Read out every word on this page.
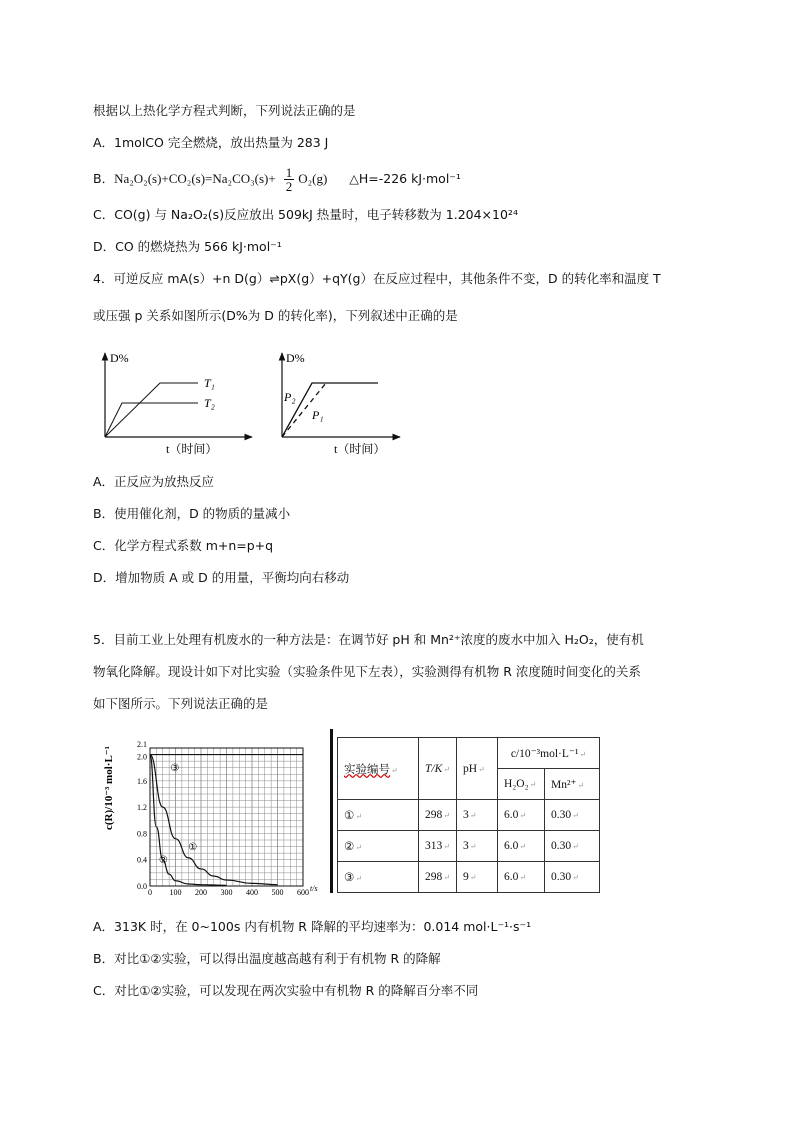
根据以上热化学方程式判断，下列说法正确的是
A．1molCO 完全燃烧，放出热量为 283 J
B．$Na_2O_2(s)+CO_2(s)=Na_2CO_3(s)+ \frac{1}{2} O_2(g)$ △H=-226 kJ·mol⁻¹
C．CO(g) 与 Na₂O₂(s)反应放出 509kJ 热量时，电子转移数为 1.204×10²⁴
D．CO 的燃烧热为 566 kJ·mol⁻¹
4．可逆反应 mA(s）+n D(g）⇌pX(g）+qY(g）在反应过程中，其他条件不变，D 的转化率和温度 T
或压强 p 关系如图所示(D%为 D 的转化率)，下列叙述中正确的是
D%
T₁
T₂
t（时间）
D%
P₂
P₁
t（时间）
A．正反应为放热反应
B．使用催化剂，D 的物质的量减小
C．化学方程式系数 m+n=p+q
D．增加物质 A 或 D 的用量，平衡均向右移动
5．目前工业上处理有机废水的一种方法是：在调节好 pH 和 Mn²⁺浓度的废水中加入 H₂O₂，使有机
物氧化降解。现设计如下对比实验（实验条件见下左表），实验测得有机物 R 浓度随时间变化的关系
如下图所示。下列说法正确的是
0 100 200 300 400 500 600
0.0
0.4
0.8
1.2
1.6
2.0
2.1
①
②
③
c(R)/10⁻³ mol·L⁻¹
t/s
实验编号↵	T/K↵	pH↵	c/10⁻³mol·L⁻¹↵	
			H₂O₂↵	Mn²⁺↵
①↵	298↵	3↵	6.0↵	0.30↵
②↵	313↵	3↵	6.0↵	0.30↵
③↵	298↵	9↵	6.0↵	0.30↵
A．313K 时，在 0~100s 内有机物 R 降解的平均速率为：0.014 mol·L⁻¹·s⁻¹
B．对比①②实验，可以得出温度越高越有利于有机物 R 的降解
C．对比①②实验，可以发现在两次实验中有机物 R 的降解百分率不同
